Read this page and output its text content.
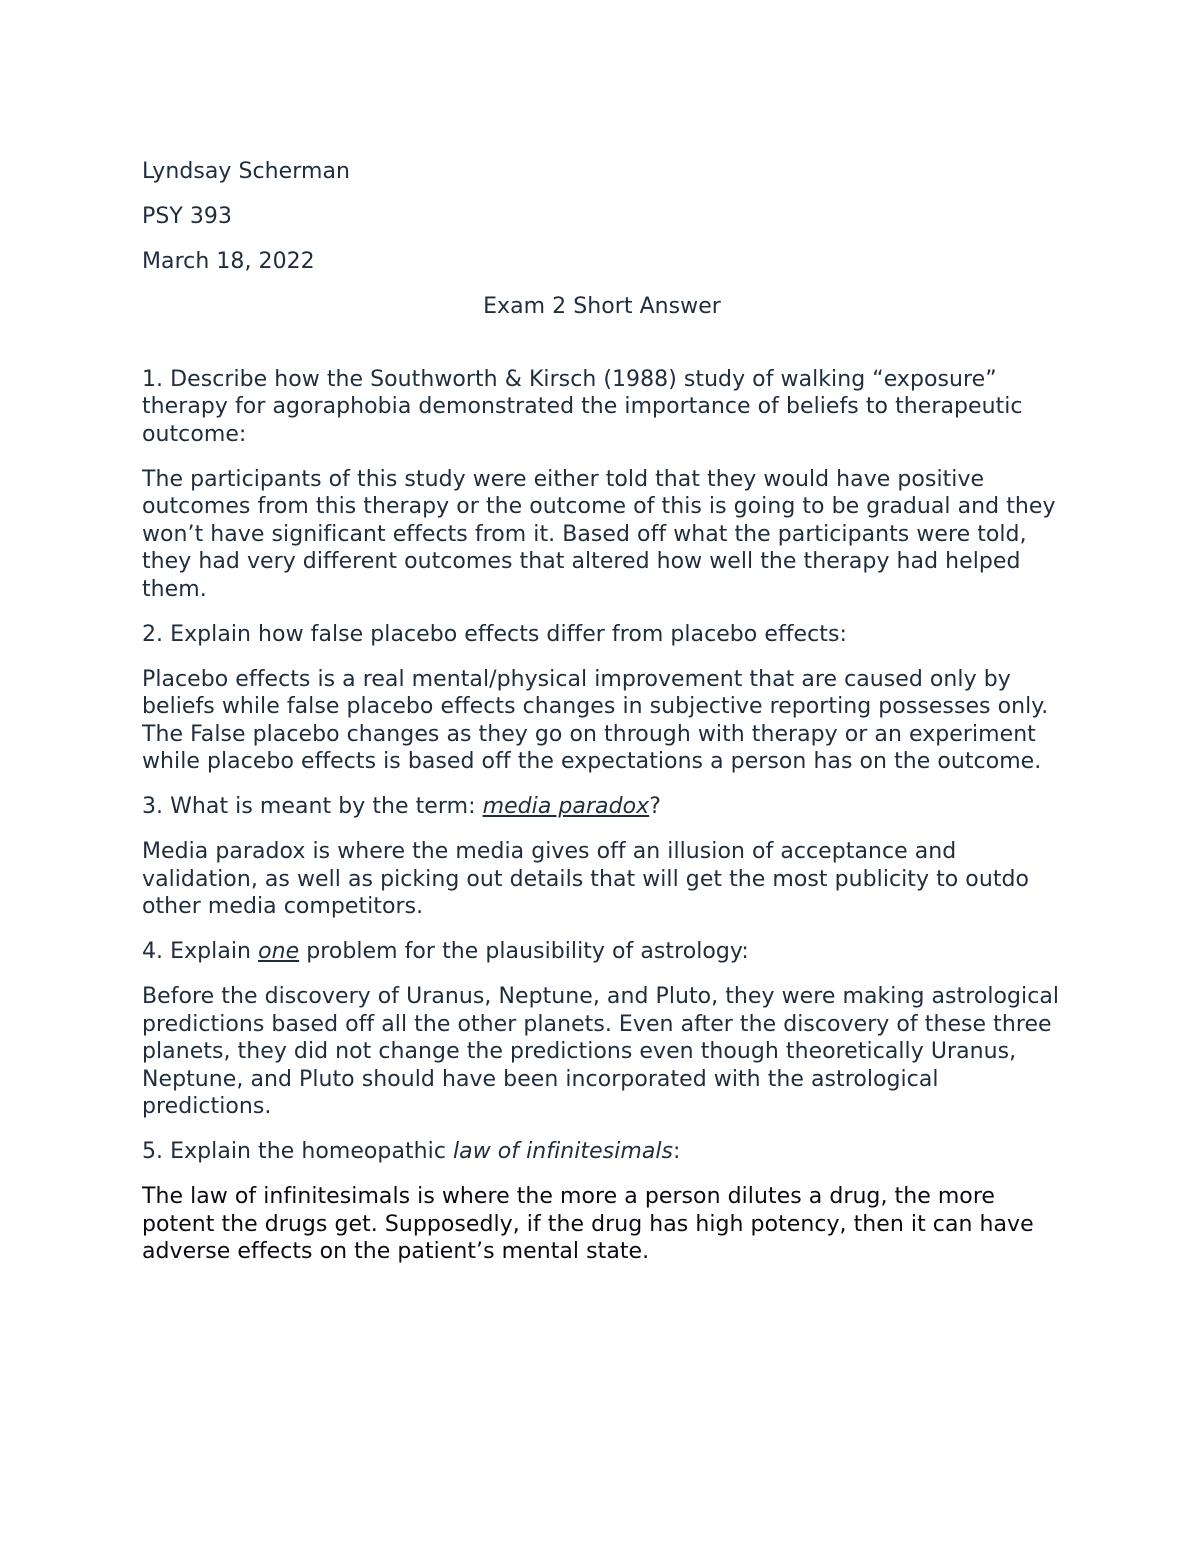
Lyndsay Scherman

PSY 393

March 18, 2022

Exam 2 Short Answer

1. Describe how the Southworth & Kirsch (1988) study of walking “exposure” therapy for agoraphobia demonstrated the importance of beliefs to therapeutic outcome:

The participants of this study were either told that they would have positive outcomes from this therapy or the outcome of this is going to be gradual and they won’t have significant effects from it. Based off what the participants were told, they had very different outcomes that altered how well the therapy had helped them.

2. Explain how false placebo effects differ from placebo effects:

Placebo effects is a real mental/physical improvement that are caused only by beliefs while false placebo effects changes in subjective reporting possesses only. The False placebo changes as they go on through with therapy or an experiment while placebo effects is based off the expectations a person has on the outcome.

3. What is meant by the term: media paradox?

Media paradox is where the media gives off an illusion of acceptance and validation, as well as picking out details that will get the most publicity to outdo other media competitors.

4. Explain one problem for the plausibility of astrology:

Before the discovery of Uranus, Neptune, and Pluto, they were making astrological predictions based off all the other planets. Even after the discovery of these three planets, they did not change the predictions even though theoretically Uranus, Neptune, and Pluto should have been incorporated with the astrological predictions.

5. Explain the homeopathic law of infinitesimals:

The law of infinitesimals is where the more a person dilutes a drug, the more potent the drugs get. Supposedly, if the drug has high potency, then it can have adverse effects on the patient’s mental state.
